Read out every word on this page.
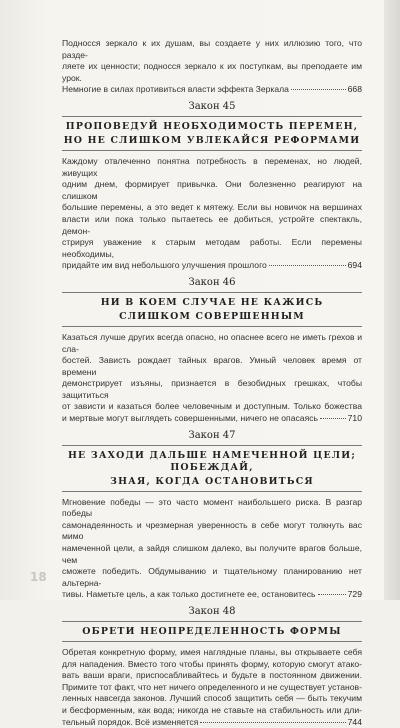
Подносся зеркало к их душам, вы создаете у них иллюзию того, что разде-

ляете их ценности; подносся зеркало к их поступкам, вы преподаете им урок.

Немногие в силах противиться власти эффекта Зеркала	668
Закон 45
ПРОПОВЕДУЙ НЕОБХОДИМОСТЬ ПЕРЕМЕН,
НО НЕ СЛИШКОМ УВЛЕКАЙСЯ РЕФОРМАМИ

Каждому отвлеченно понятна потребность в переменах, но людей, живущих

одним днем, формирует привычка. Они болезненно реагируют на слишком

большие перемены, а это ведет к мятежу. Если вы новичок на вершинах

власти или пока только пытаетесь ее добиться, устройте спектакль, демон-

стрируя уважение к старым методам работы. Если перемены необходимы,

придайте им вид небольшого улучшения прошлого	694
Закон 46
НИ В КОЕМ СЛУЧАЕ НЕ КАЖИСЬ
СЛИШКОМ СОВЕРШЕННЫМ

Казаться лучше других всегда опасно, но опаснее всего не иметь грехов и сла-

бостей. Зависть рождает тайных врагов. Умный человек время от времени

демонстрирует изъяны, признается в безобидных грешках, чтобы защититься

от зависти и казаться более человечным и доступным. Только божества

и мертвые могут выглядеть совершенными, ничего не опасаясь	710
Закон 47
НЕ ЗАХОДИ ДАЛЬШЕ НАМЕЧЕННОЙ ЦЕЛИ; ПОБЕЖДАЙ,
ЗНАЯ, КОГДА ОСТАНОВИТЬСЯ

Мгновение победы — это часто момент наибольшего риска. В разгар победы

самонадеянность и чрезмерная уверенность в себе могут толкнуть вас мимо

намеченной цели, а зайдя слишком далеко, вы получите врагов больше, чем

сможете победить. Обдумыванию и тщательному планированию нет альтерна-

тивы. Наметьте цель, а как только достигнете ее, остановитесь	729
Закон 48
ОБРЕТИ НЕОПРЕДЕЛЕННОСТЬ ФОРМЫ

Обретая конкретную форму, имея наглядные планы, вы открываете себя

для нападения. Вместо того чтобы принять форму, которую смогут атако-

вать ваши враги, приспосабливайтесь и будьте в постоянном движении.

Примите тот факт, что нет ничего определенного и не существует установ-

ленных навсегда законов. Лучший способ защитить себя — быть текучим

и бесформенным, как вода; никогда не ставьте на стабильность или дли-

тельный порядок. Всё изменяется	744
18
